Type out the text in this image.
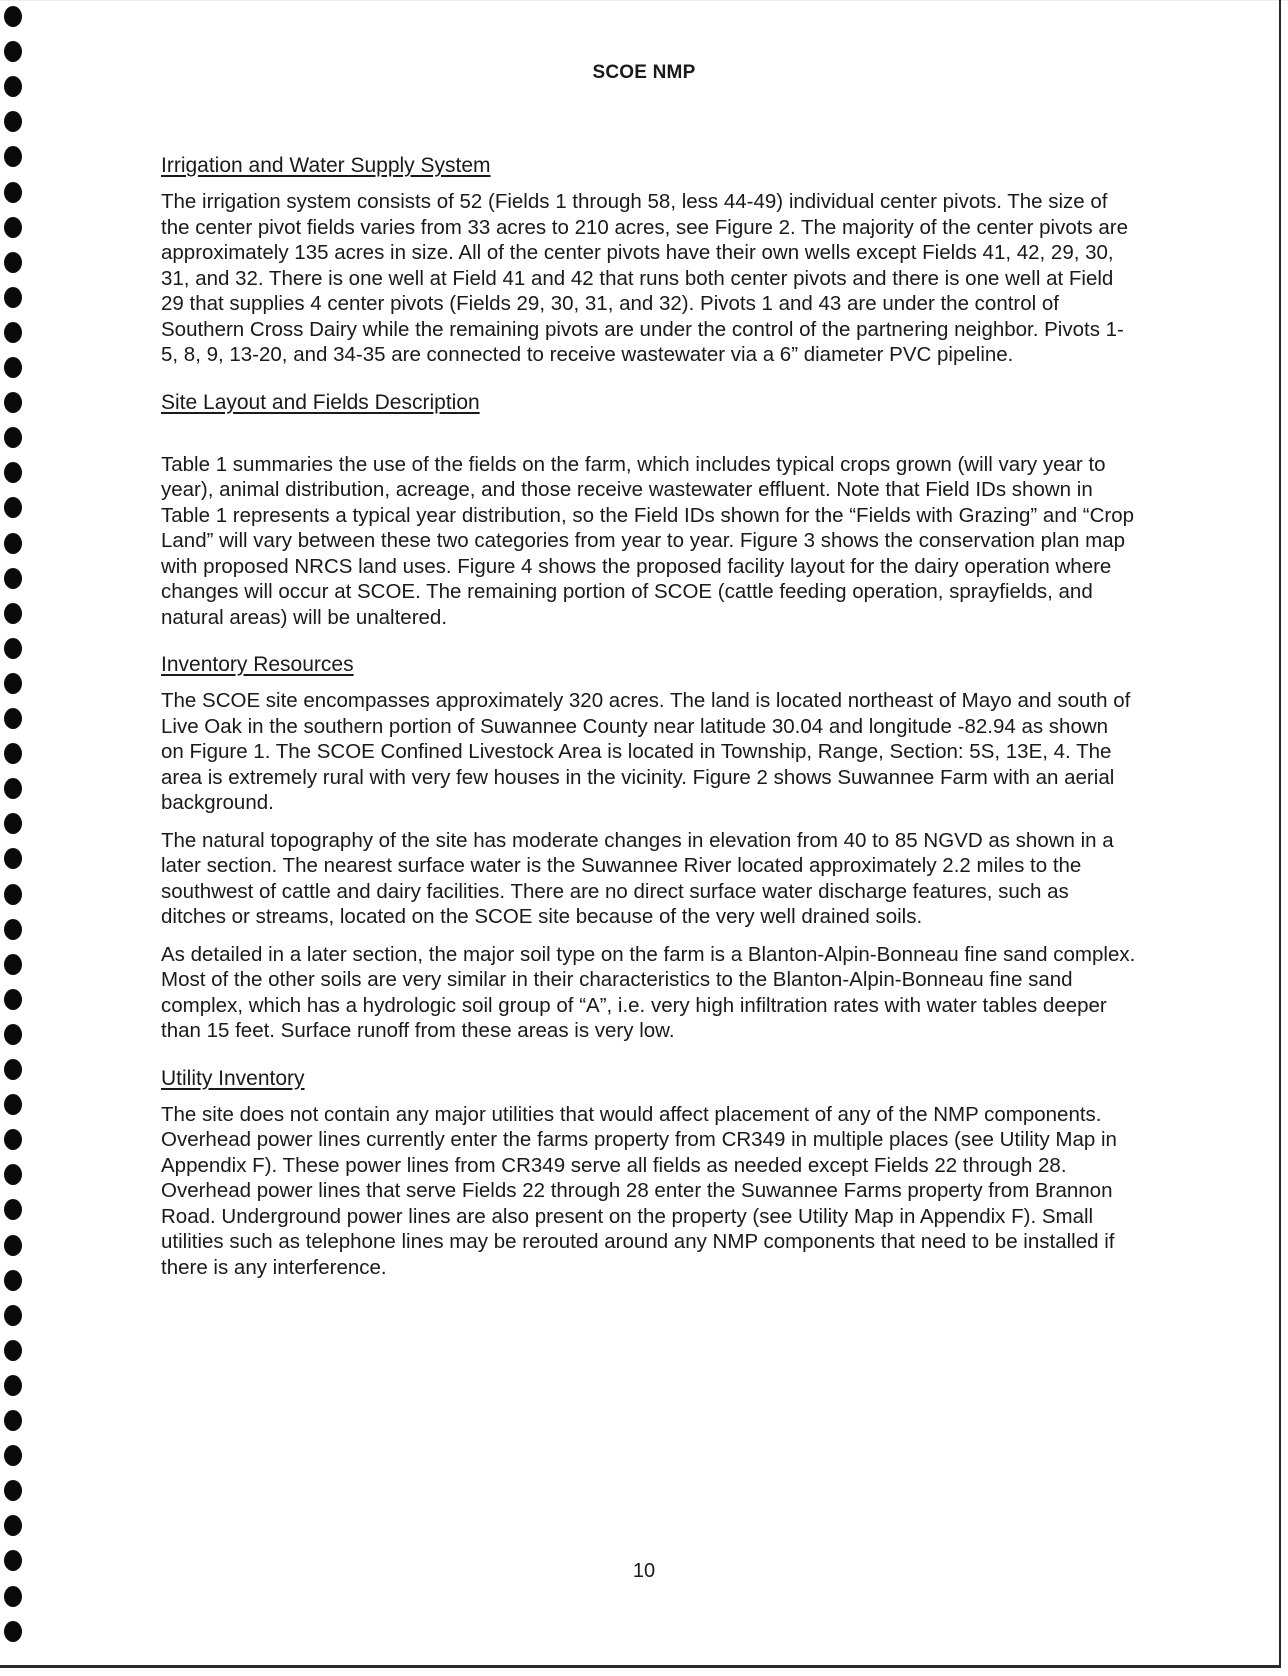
SCOE NMP
Irrigation and Water Supply System

The irrigation system consists of 52 (Fields 1 through 58, less 44-49) individual center pivots. The size of the center pivot fields varies from 33 acres to 210 acres, see Figure 2. The majority of the center pivots are approximately 135 acres in size. All of the center pivots have their own wells except Fields 41, 42, 29, 30, 31, and 32. There is one well at Field 41 and 42 that runs both center pivots and there is one well at Field 29 that supplies 4 center pivots (Fields 29, 30, 31, and 32). Pivots 1 and 43 are under the control of Southern Cross Dairy while the remaining pivots are under the control of the partnering neighbor. Pivots 1-5, 8, 9, 13-20, and 34-35 are connected to receive wastewater via a 6” diameter PVC pipeline.

Site Layout and Fields Description

Table 1 summaries the use of the fields on the farm, which includes typical crops grown (will vary year to year), animal distribution, acreage, and those receive wastewater effluent. Note that Field IDs shown in Table 1 represents a typical year distribution, so the Field IDs shown for the “Fields with Grazing” and “Crop Land” will vary between these two categories from year to year. Figure 3 shows the conservation plan map with proposed NRCS land uses. Figure 4 shows the proposed facility layout for the dairy operation where changes will occur at SCOE. The remaining portion of SCOE (cattle feeding operation, sprayfields, and natural areas) will be unaltered.

Inventory Resources

The SCOE site encompasses approximately 320 acres. The land is located northeast of Mayo and south of Live Oak in the southern portion of Suwannee County near latitude 30.04 and longitude -82.94 as shown on Figure 1. The SCOE Confined Livestock Area is located in Township, Range, Section: 5S, 13E, 4. The area is extremely rural with very few houses in the vicinity. Figure 2 shows Suwannee Farm with an aerial background.

The natural topography of the site has moderate changes in elevation from 40 to 85 NGVD as shown in a later section. The nearest surface water is the Suwannee River located approximately 2.2 miles to the southwest of cattle and dairy facilities. There are no direct surface water discharge features, such as ditches or streams, located on the SCOE site because of the very well drained soils.

As detailed in a later section, the major soil type on the farm is a Blanton-Alpin-Bonneau fine sand complex. Most of the other soils are very similar in their characteristics to the Blanton-Alpin-Bonneau fine sand complex, which has a hydrologic soil group of “A”, i.e. very high infiltration rates with water tables deeper than 15 feet. Surface runoff from these areas is very low.

Utility Inventory

The site does not contain any major utilities that would affect placement of any of the NMP components. Overhead power lines currently enter the farms property from CR349 in multiple places (see Utility Map in Appendix F). These power lines from CR349 serve all fields as needed except Fields 22 through 28. Overhead power lines that serve Fields 22 through 28 enter the Suwannee Farms property from Brannon Road. Underground power lines are also present on the property (see Utility Map in Appendix F). Small utilities such as telephone lines may be rerouted around any NMP components that need to be installed if there is any interference.

10
